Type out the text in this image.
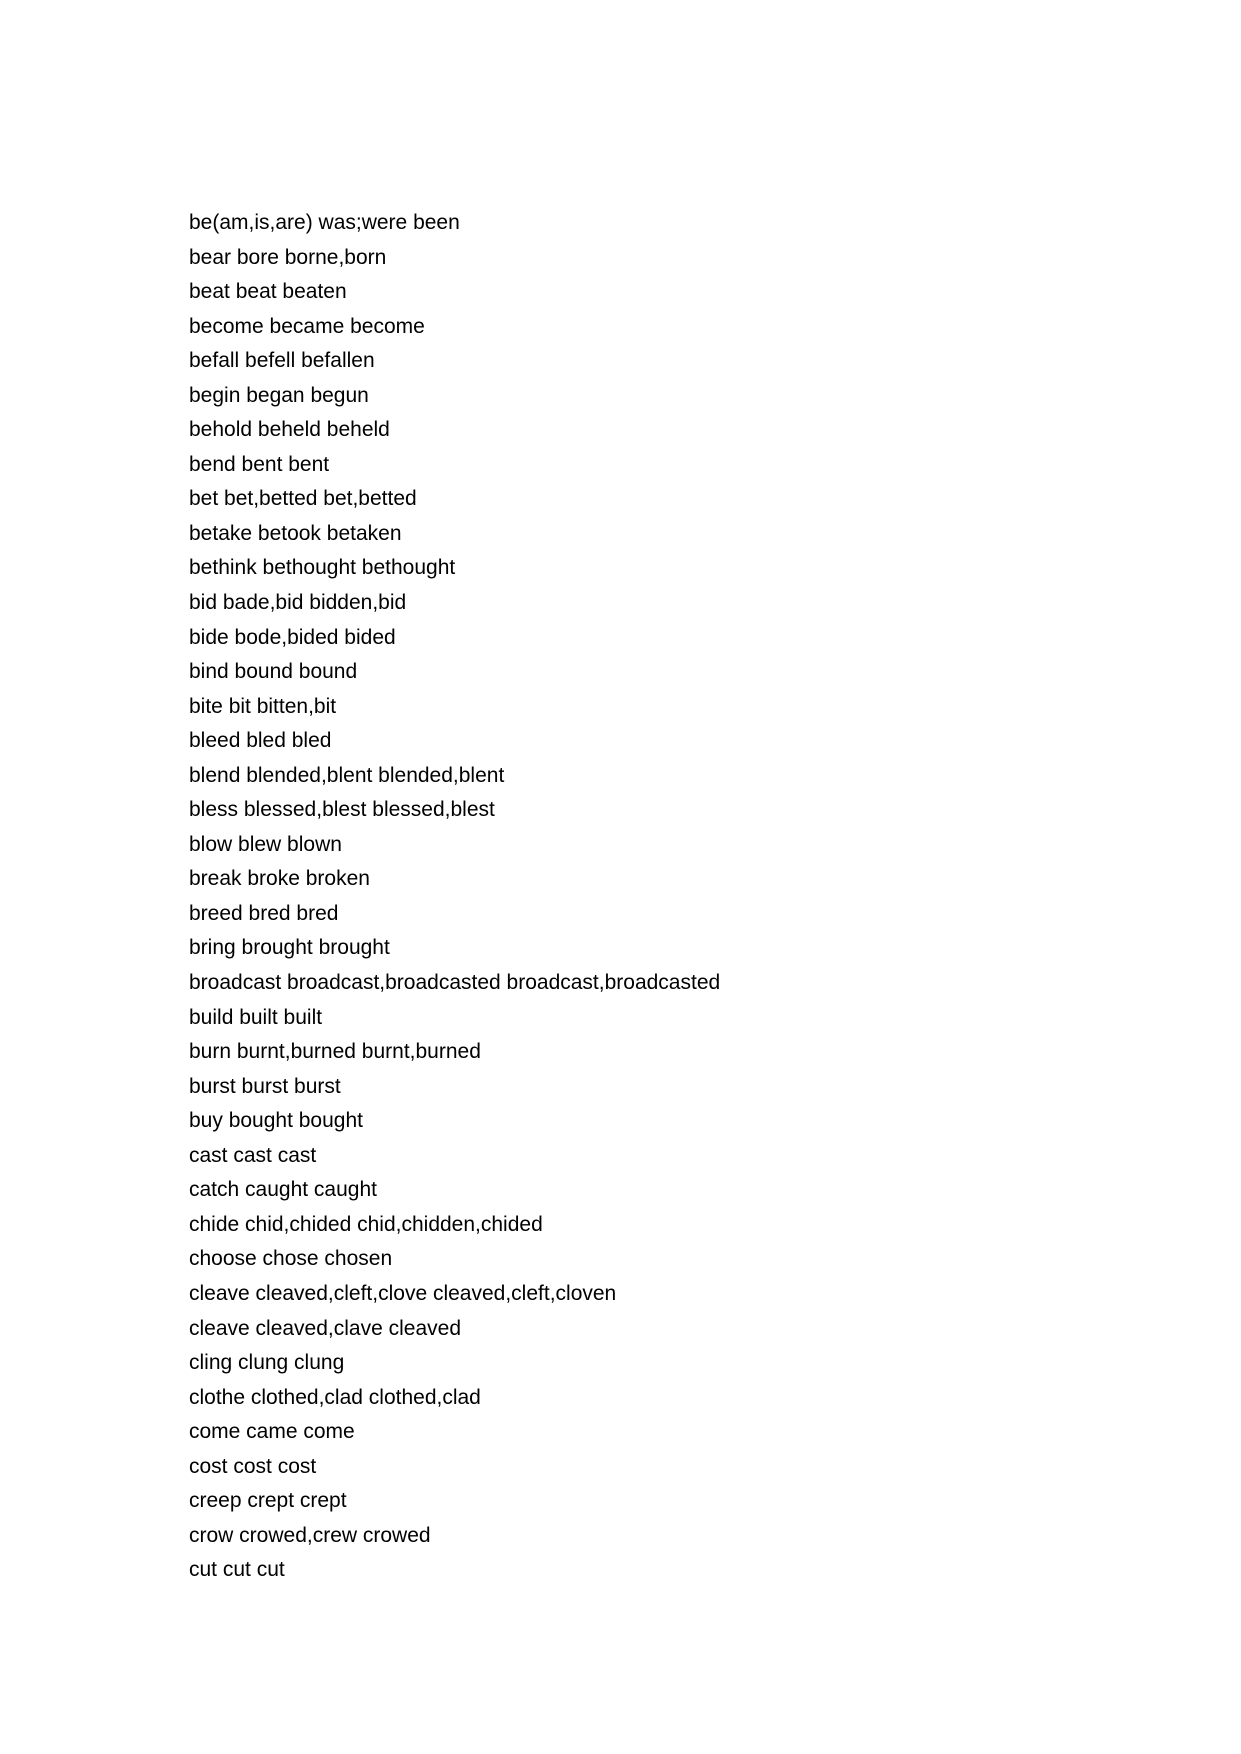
be(am,is,are) was;were been
bear bore borne,born
beat beat beaten
become became become
befall befell befallen
begin began begun
behold beheld beheld
bend bent bent
bet bet,betted bet,betted
betake betook betaken
bethink bethought bethought
bid bade,bid bidden,bid
bide bode,bided bided
bind bound bound
bite bit bitten,bit
bleed bled bled
blend blended,blent blended,blent
bless blessed,blest blessed,blest
blow blew blown
break broke broken
breed bred bred
bring brought brought
broadcast broadcast,broadcasted broadcast,broadcasted
build built built
burn burnt,burned burnt,burned
burst burst burst
buy bought bought
cast cast cast
catch caught caught
chide chid,chided chid,chidden,chided
choose chose chosen
cleave cleaved,cleft,clove cleaved,cleft,cloven
cleave cleaved,clave cleaved
cling clung clung
clothe clothed,clad clothed,clad
come came come
cost cost cost
creep crept crept
crow crowed,crew crowed
cut cut cut
